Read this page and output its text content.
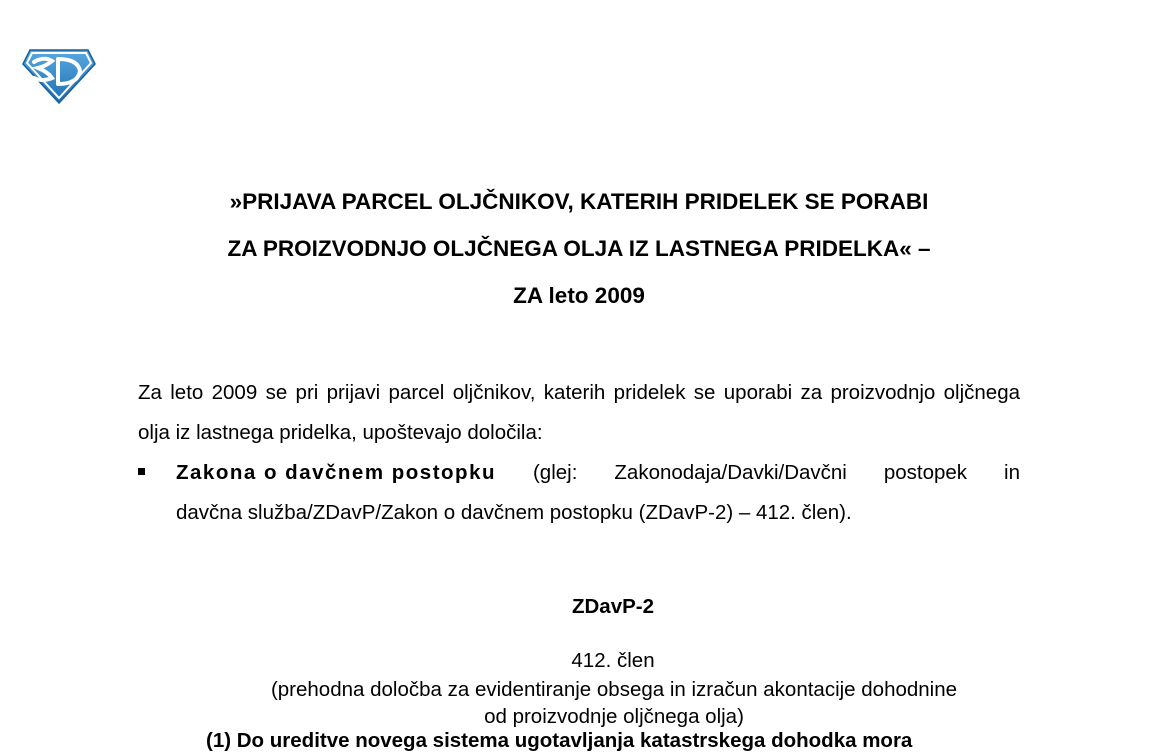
»PRIJAVA PARCEL OLJČNIKOV, KATERIH PRIDELEK SE PORABI
ZA PROIZVODNJO OLJČNEGA OLJA IZ LASTNEGA PRIDELKA« –
ZA leto 2009

Za leto 2009 se pri prijavi parcel oljčnikov, katerih pridelek se uporabi za proizvodnjo oljčnega olja iz lastnega pridelka, upoštevajo določila:

Zakona o davčnem postopku (glej: Zakonodaja/Davki/Davčni postopek in
davčna služba/ZDavP/Zakon o davčnem postopku (ZDavP-2) – 412. člen).
ZDavP-2
412. člen
(prehodna določba za evidentiranje obsega in izračun akontacije dohodnine
od proizvodnje oljčnega olja)
(1) Do ureditve novega sistema ugotavljanja katastrskega dohodka mora
